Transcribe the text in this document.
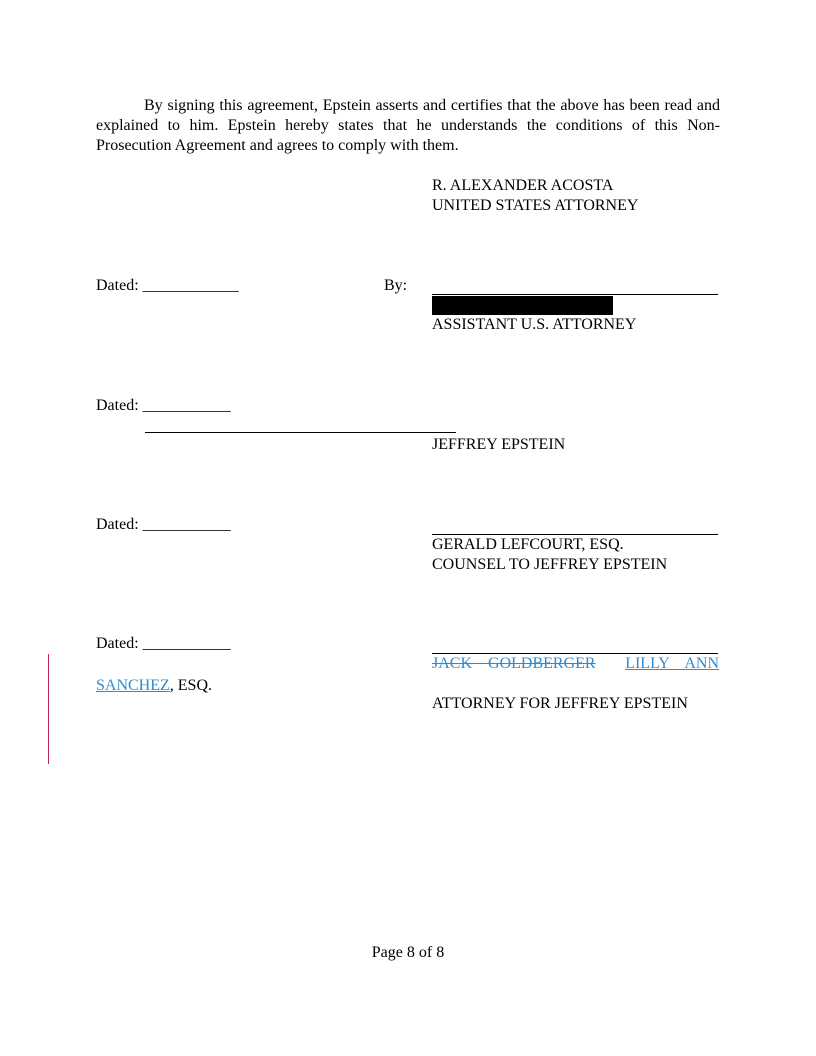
By signing this agreement, Epstein asserts and certifies that the above has been read and explained to him. Epstein hereby states that he understands the conditions of this Non-Prosecution Agreement and agrees to comply with them.
R. ALEXANDER ACOSTA
UNITED STATES ATTORNEY
Dated: ____________	By:
ASSISTANT U.S. ATTORNEY
Dated: ___________
JEFFREY EPSTEIN
Dated: ___________
GERALD LEFCOURT, ESQ.
COUNSEL TO JEFFREY EPSTEIN
Dated: ___________
JACK    GOLDBERGER LILLY    ANN
SANCHEZ, ESQ.
ATTORNEY FOR JEFFREY EPSTEIN
Page 8 of 8
